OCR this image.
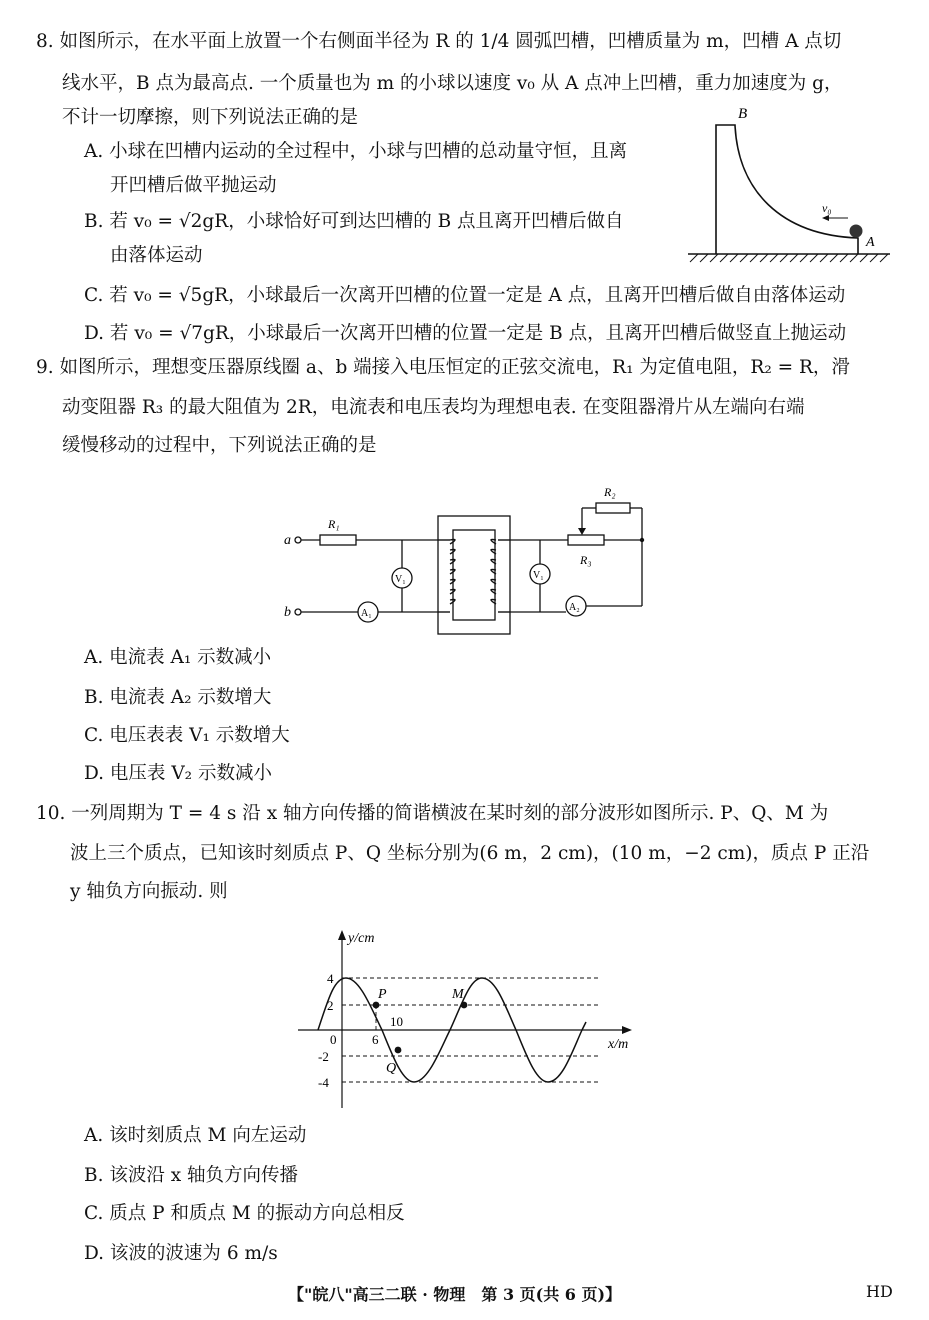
8. 如图所示，在水平面上放置一个右侧面半径为 R 的 1/4 圆弧凹槽，凹槽质量为 m，凹槽 A 点切
线水平，B 点为最高点. 一个质量也为 m 的小球以速度 v₀ 从 A 点冲上凹槽，重力加速度为 g，
不计一切摩擦，则下列说法正确的是
A. 小球在凹槽内运动的全过程中，小球与凹槽的总动量守恒，且离
开凹槽后做平抛运动
B. 若 v₀ = √2gR，小球恰好可到达凹槽的 B 点且离开凹槽后做自
由落体运动
C. 若 v₀ = √5gR，小球最后一次离开凹槽的位置一定是 A 点，且离开凹槽后做自由落体运动
D. 若 v₀ = √7gR，小球最后一次离开凹槽的位置一定是 B 点，且离开凹槽后做竖直上抛运动
B
A
v₀
9. 如图所示，理想变压器原线圈 a、b 端接入电压恒定的正弦交流电，R₁ 为定值电阻，R₂ = R，滑
动变阻器 R₃ 的最大阻值为 2R，电流表和电压表均为理想电表. 在变阻器滑片从左端向右端
缓慢移动的过程中，下列说法正确的是
a
b
R₁
R₂
R₃
V₁	V₁
A₁
A₂
A. 电流表 A₁ 示数减小
B. 电流表 A₂ 示数增大
C. 电压表表 V₁ 示数增大
D. 电压表 V₂ 示数减小
10. 一列周期为 T = 4 s 沿 x 轴方向传播的简谐横波在某时刻的部分波形如图所示. P、Q、M 为
波上三个质点，已知该时刻质点 P、Q 坐标分别为(6 m，2 cm)，(10 m，−2 cm)，质点 P 正沿
y 轴负方向振动. 则
y/cm
x/m
4
2
-2
-4
0	6
10
P
Q
M
A. 该时刻质点 M 向左运动
B. 该波沿 x 轴负方向传播
C. 质点 P 和质点 M 的振动方向总相反
D. 该波的波速为 6 m/s
【"皖八"高三二联 · 物理　第 3 页(共 6 页)】	HD
